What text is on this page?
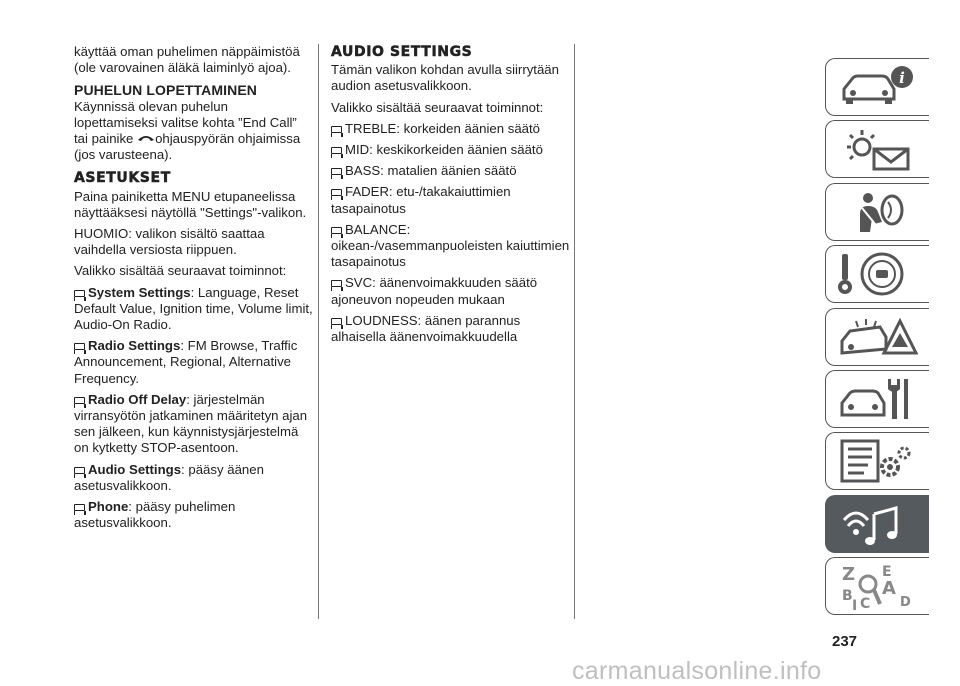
käyttää oman puhelimen näppäimistöä (ole varovainen äläkä laiminlyö ajoa).

PUHELUN LOPETTAMINEN

Käynnissä olevan puhelun lopettamiseksi valitse kohta ”End Call” tai painike ohjauspyörän ohjaimissa (jos varusteena).

ASETUKSET

Paina painiketta MENU etupaneelissa näyttääksesi näytöllä "Settings"-valikon.

HUOMIO: valikon sisältö saattaa vaihdella versiosta riippuen.

Valikko sisältää seuraavat toiminnot:

System Settings: Language, Reset Default Value, Ignition time, Volume limit, Audio-On Radio.

Radio Settings: FM Browse, Traffic Announcement, Regional, Alternative Frequency.

Radio Off Delay: järjestelmän virransyötön jatkaminen määritetyn ajan sen jälkeen, kun käynnistysjärjestelmä on kytketty STOP-asentoon.

Audio Settings: pääsy äänen asetusvalikkoon.

Phone: pääsy puhelimen asetusvalikkoon.

AUDIO SETTINGS

Tämän valikon kohdan avulla siirrytään audion asetusvalikkoon.

Valikko sisältää seuraavat toiminnot:

TREBLE: korkeiden äänien säätö

MID: keskikorkeiden äänien säätö

BASS: matalien äänien säätö

FADER: etu-/takakaiuttimien tasapainotus

BALANCE: oikean-/vasemmanpuoleisten kaiuttimien tasapainotus

SVC: äänenvoimakkuuden säätö ajoneuvon nopeuden mukaan

LOUDNESS: äänen parannus alhaisella äänenvoimakkuudella

i
Z E
B A
I C D
237
carmanualsonline.info
